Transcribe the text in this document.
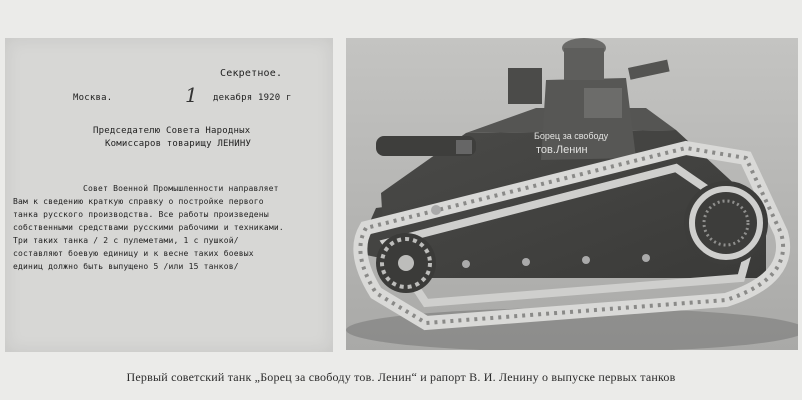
Секретное.
Москва.	1 декабря 1920 г
Председателю Совета Народных
Комиссаров товарищу ЛЕНИНУ
Совет Военной Промышленности направляет
Вам к сведению краткую справку о постройке первого
танка русского производства. Все работы произведены
собственными средствами русскими рабочими и техниками.
Три таких танка / 2 с пулеметами, 1 с пушкой/
составляют боевую единицу и к весне таких боевых
единиц должно быть выпущено 5 /или 15 танков/
Борец за свободу
тов.Ленин
Первый советский танк „Борец за свободу тов. Ленин“ и рапорт В. И. Ленину о выпуске первых танков
